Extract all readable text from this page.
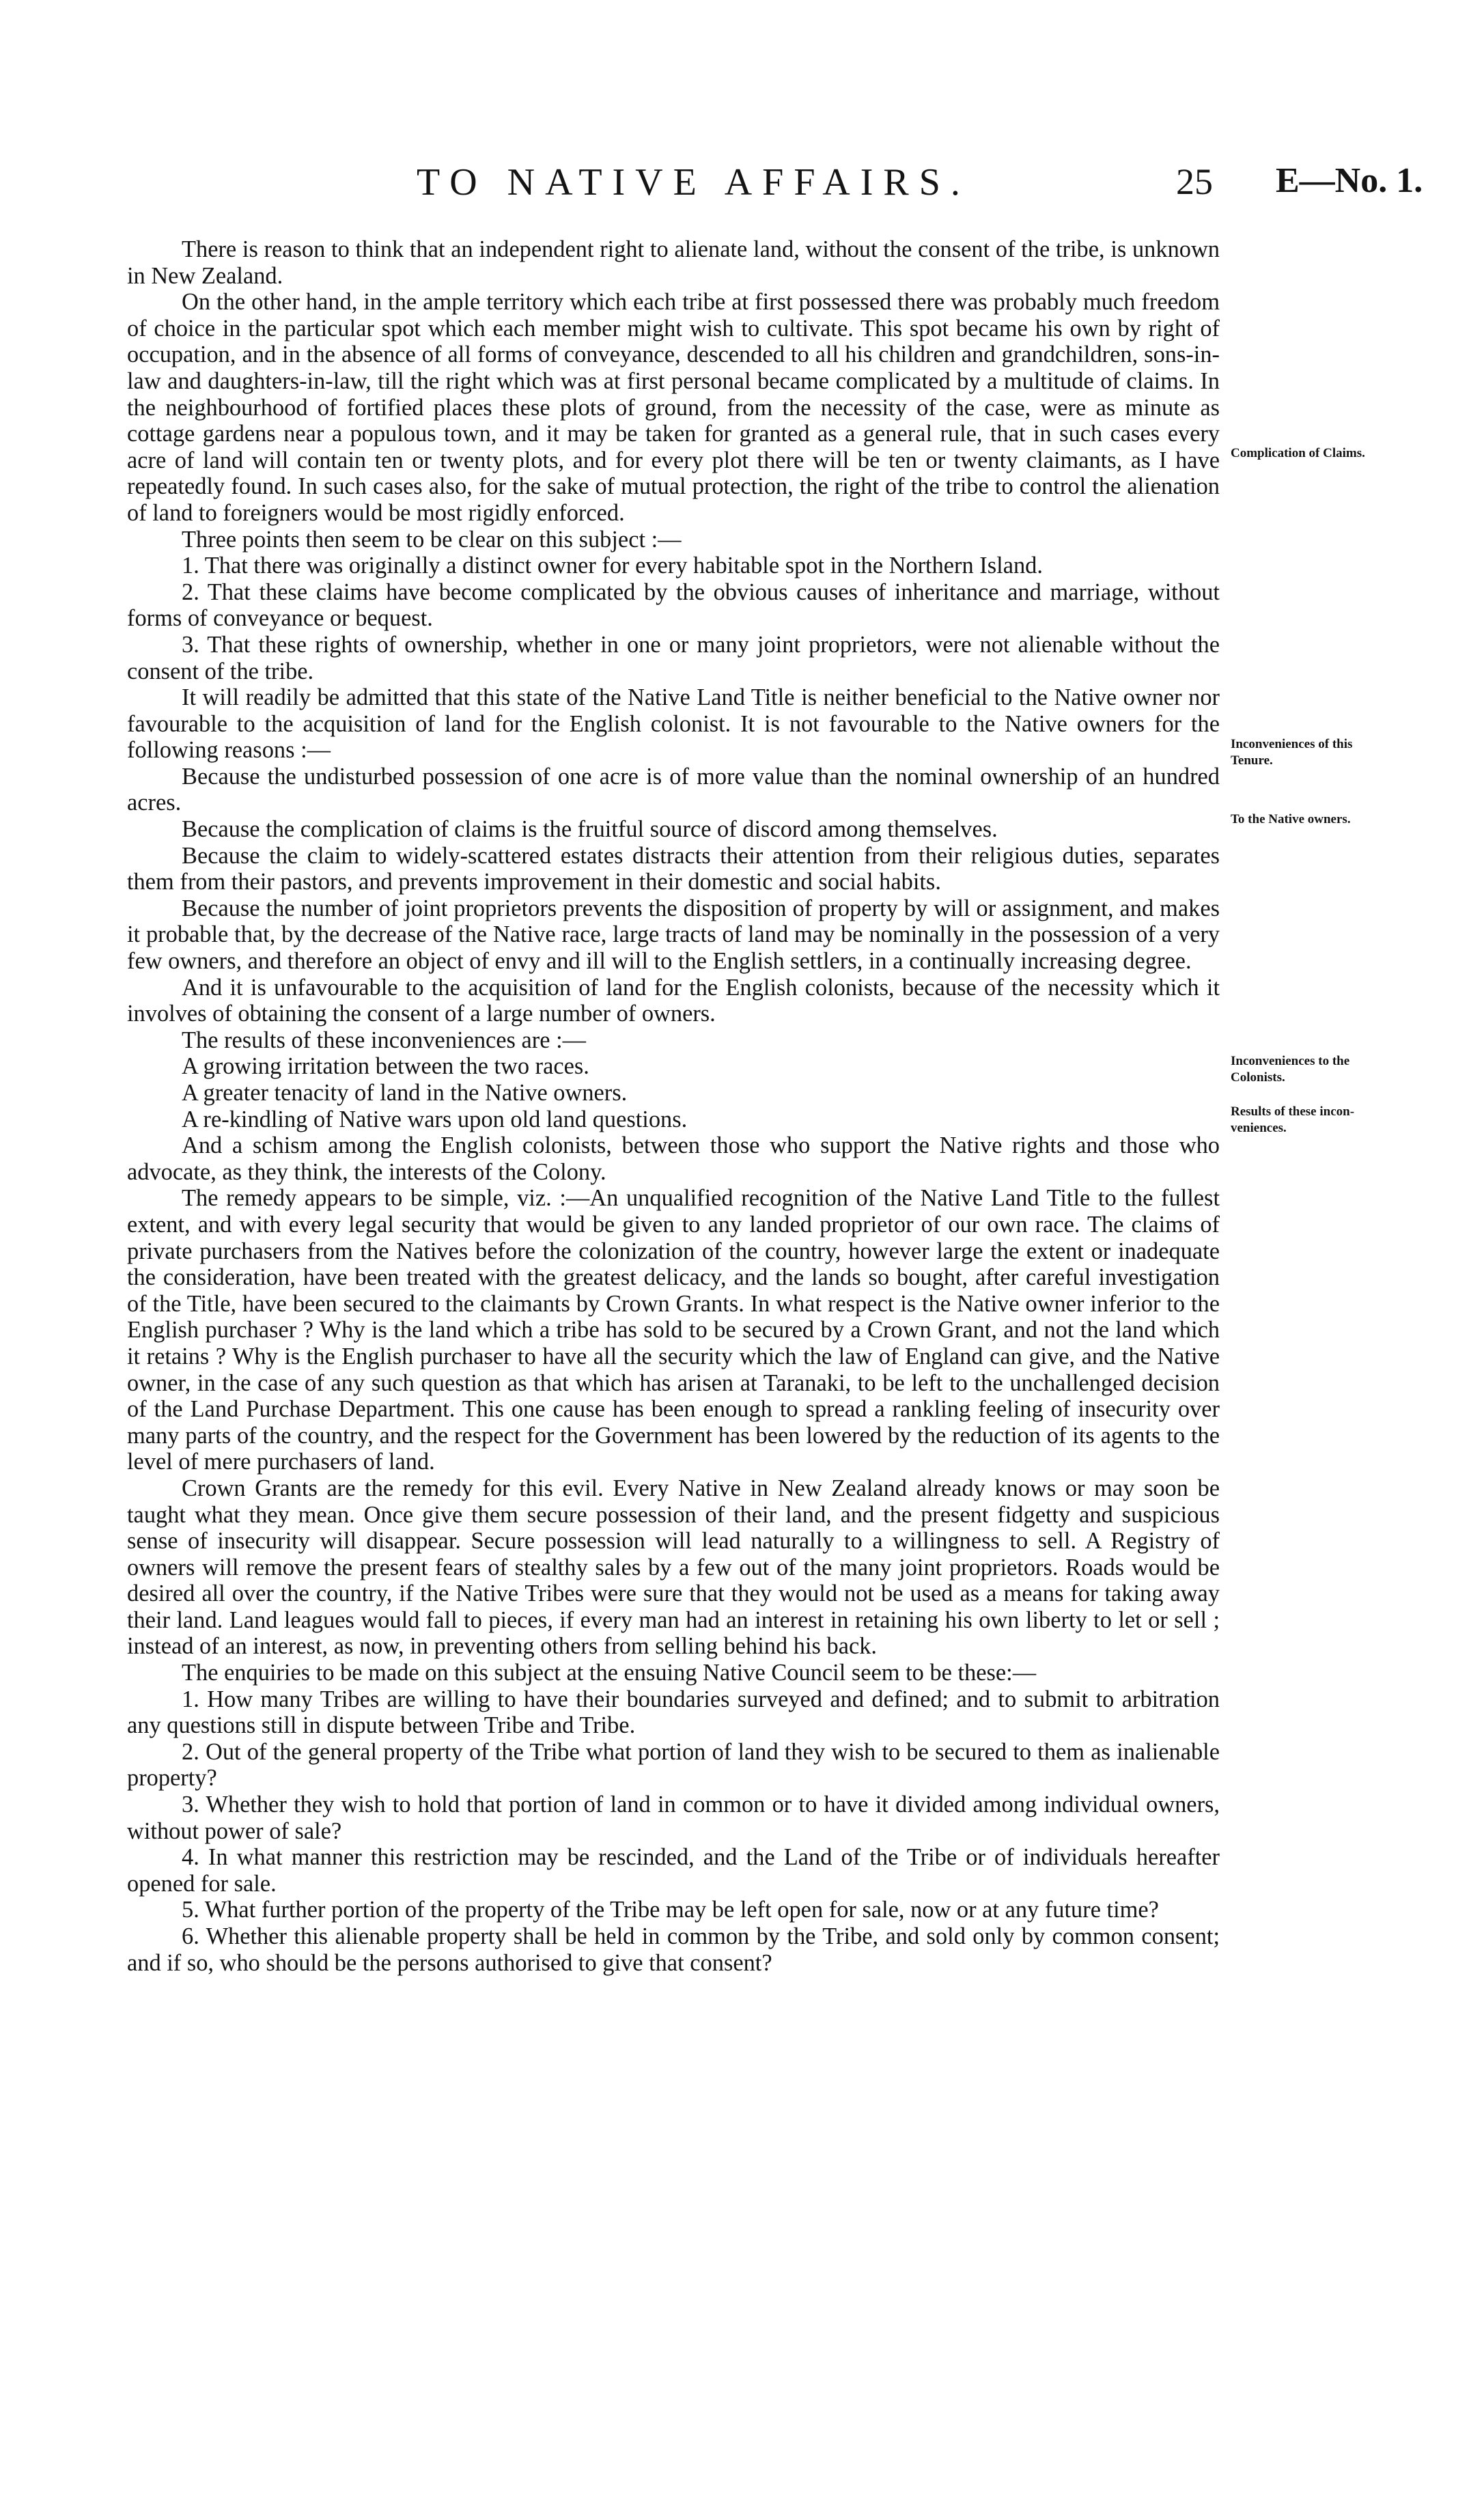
TO NATIVE AFFAIRS.	25 E—No. 1.

There is reason to think that an independent right to alienate land, without the consent of the tribe, is unknown in New Zealand.

On the other hand, in the ample territory which each tribe at first possessed there was probably much freedom of choice in the particular spot which each member might wish to cultivate. This spot became his own by right of occupation, and in the absence of all forms of conveyance, descended to all his children and grandchildren, sons-in-law and daughters-in-law, till the right which was at first personal became complicated by a multitude of claims. In the neighbourhood of fortified places these plots of ground, from the necessity of the case, were as minute as cottage gardens near a populous town, and it may be taken for granted as a general rule, that in such cases every acre of land will contain ten or twenty plots, and for every plot there will be ten or twenty claimants, as I have repeatedly found. In such cases also, for the sake of mutual protection, the right of the tribe to control the alienation of land to foreigners would be most rigidly enforced.

Three points then seem to be clear on this subject :—

1. That there was originally a distinct owner for every habitable spot in the Northern Island.

2. That these claims have become complicated by the obvious causes of inheritance and marriage, without forms of conveyance or bequest.

3. That these rights of ownership, whether in one or many joint proprietors, were not alienable without the consent of the tribe.

It will readily be admitted that this state of the Native Land Title is neither beneficial to the Native owner nor favourable to the acquisition of land for the English colonist. It is not favourable to the Native owners for the following reasons :—

Because the undisturbed possession of one acre is of more value than the nominal ownership of an hundred acres.

Because the complication of claims is the fruitful source of discord among themselves.

Because the claim to widely-scattered estates distracts their attention from their religious duties, separates them from their pastors, and prevents improvement in their domestic and social habits.

Because the number of joint proprietors prevents the disposition of property by will or assignment, and makes it probable that, by the decrease of the Native race, large tracts of land may be nominally in the possession of a very few owners, and therefore an object of envy and ill will to the English settlers, in a continually increasing degree.

And it is unfavourable to the acquisition of land for the English colonists, because of the necessity which it involves of obtaining the consent of a large number of owners.

The results of these inconveniences are :—

A growing irritation between the two races.

A greater tenacity of land in the Native owners.

A re-kindling of Native wars upon old land questions.

And a schism among the English colonists, between those who support the Native rights and those who advocate, as they think, the interests of the Colony.

The remedy appears to be simple, viz. :—An unqualified recognition of the Native Land Title to the fullest extent, and with every legal security that would be given to any landed proprietor of our own race. The claims of private purchasers from the Natives before the colonization of the country, however large the extent or inadequate the consideration, have been treated with the greatest delicacy, and the lands so bought, after careful investigation of the Title, have been secured to the claimants by Crown Grants. In what respect is the Native owner inferior to the English purchaser ? Why is the land which a tribe has sold to be secured by a Crown Grant, and not the land which it retains ? Why is the English purchaser to have all the security which the law of England can give, and the Native owner, in the case of any such question as that which has arisen at Taranaki, to be left to the unchallenged decision of the Land Purchase Department. This one cause has been enough to spread a rankling feeling of insecurity over many parts of the country, and the respect for the Government has been lowered by the reduction of its agents to the level of mere purchasers of land.

Crown Grants are the remedy for this evil. Every Native in New Zealand already knows or may soon be taught what they mean. Once give them secure possession of their land, and the present fidgetty and suspicious sense of insecurity will disappear. Secure possession will lead naturally to a willingness to sell. A Registry of owners will remove the present fears of stealthy sales by a few out of the many joint proprietors. Roads would be desired all over the country, if the Native Tribes were sure that they would not be used as a means for taking away their land. Land leagues would fall to pieces, if every man had an interest in retaining his own liberty to let or sell ; instead of an interest, as now, in preventing others from selling behind his back.

The enquiries to be made on this subject at the ensuing Native Council seem to be these:—

1. How many Tribes are willing to have their boundaries surveyed and defined; and to submit to arbitration any questions still in dispute between Tribe and Tribe.

2. Out of the general property of the Tribe what portion of land they wish to be secured to them as inalienable property?

3. Whether they wish to hold that portion of land in common or to have it divided among individual owners, without power of sale?

4. In what manner this restriction may be rescinded, and the Land of the Tribe or of individuals hereafter opened for sale.

5. What further portion of the property of the Tribe may be left open for sale, now or at any future time?

6. Whether this alienable property shall be held in common by the Tribe, and sold only by common consent; and if so, who should be the persons authorised to give that consent?

Complication of Claims.
Inconveniences of this
Tenure.
To the Native owners.
Inconveniences to the
Colonists.
Results of these incon-
veniences.
